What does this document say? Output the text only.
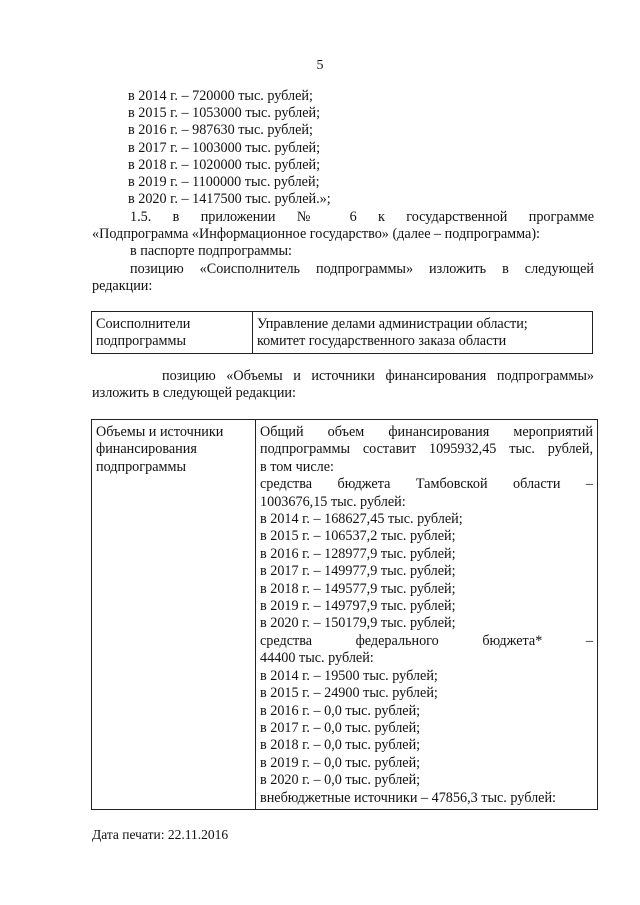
5
в 2014 г. – 720000 тыс. рублей;
в 2015 г. – 1053000 тыс. рублей;
в 2016 г. – 987630 тыс. рублей;
в 2017 г. – 1003000 тыс. рублей;
в 2018 г. – 1020000 тыс. рублей;
в 2019 г. – 1100000 тыс. рублей;
в 2020 г. – 1417500 тыс. рублей.»;
1.5. в приложении № 6 к государственной программе
«Подпрограмма «Информационное государство» (далее – подпрограмма):
в паспорте подпрограммы:
позицию «Соисполнитель подпрограммы» изложить в следующей
редакции:
Соисполнители
подпрограммы

Управление делами администрации области;
комитет государственного заказа области
позицию «Объемы и источники финансирования подпрограммы»
изложить в следующей редакции:
Объемы и источники
финансирования
подпрограммы

Общий объем финансирования мероприятий
подпрограммы составит 1095932,45 тыс. рублей,
в том числе:
средства бюджета Тамбовской области –
1003676,15 тыс. рублей:
в 2014 г. – 168627,45 тыс. рублей;
в 2015 г. – 106537,2 тыс. рублей;
в 2016 г. – 128977,9 тыс. рублей;
в 2017 г. – 149977,9 тыс. рублей;
в 2018 г. – 149577,9 тыс. рублей;
в 2019 г. – 149797,9 тыс. рублей;
в 2020 г. – 150179,9 тыс. рублей;
средства федерального бюджета* –
44400 тыс. рублей:
в 2014 г. – 19500 тыс. рублей;
в 2015 г. – 24900 тыс. рублей;
в 2016 г. – 0,0 тыс. рублей;
в 2017 г. – 0,0 тыс. рублей;
в 2018 г. – 0,0 тыс. рублей;
в 2019 г. – 0,0 тыс. рублей;
в 2020 г. – 0,0 тыс. рублей;
внебюджетные источники – 47856,3 тыс. рублей:
Дата печати: 22.11.2016
